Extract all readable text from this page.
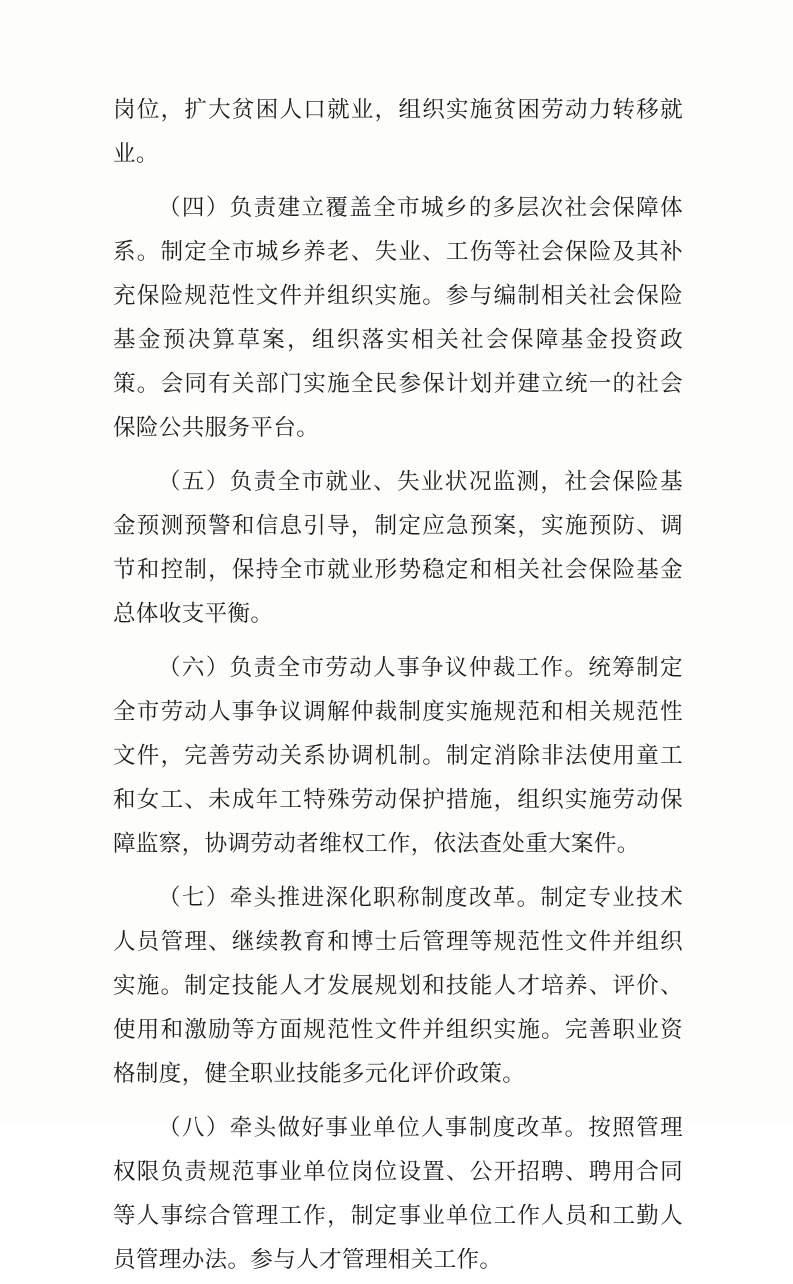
岗位，扩大贫困人口就业，组织实施贫困劳动力转移就业。

（四）负责建立覆盖全市城乡的多层次社会保障体系。制定全市城乡养老、失业、工伤等社会保险及其补充保险规范性文件并组织实施。参与编制相关社会保险基金预决算草案，组织落实相关社会保障基金投资政策。会同有关部门实施全民参保计划并建立统一的社会保险公共服务平台。

（五）负责全市就业、失业状况监测，社会保险基金预测预警和信息引导，制定应急预案，实施预防、调节和控制，保持全市就业形势稳定和相关社会保险基金总体收支平衡。

（六）负责全市劳动人事争议仲裁工作。统筹制定全市劳动人事争议调解仲裁制度实施规范和相关规范性文件，完善劳动关系协调机制。制定消除非法使用童工和女工、未成年工特殊劳动保护措施，组织实施劳动保障监察，协调劳动者维权工作，依法查处重大案件。

（七）牵头推进深化职称制度改革。制定专业技术人员管理、继续教育和博士后管理等规范性文件并组织实施。制定技能人才发展规划和技能人才培养、评价、使用和激励等方面规范性文件并组织实施。完善职业资格制度，健全职业技能多元化评价政策。

（八）牵头做好事业单位人事制度改革。按照管理权限负责规范事业单位岗位设置、公开招聘、聘用合同等人事综合管理工作，制定事业单位工作人员和工勤人员管理办法。参与人才管理相关工作。
